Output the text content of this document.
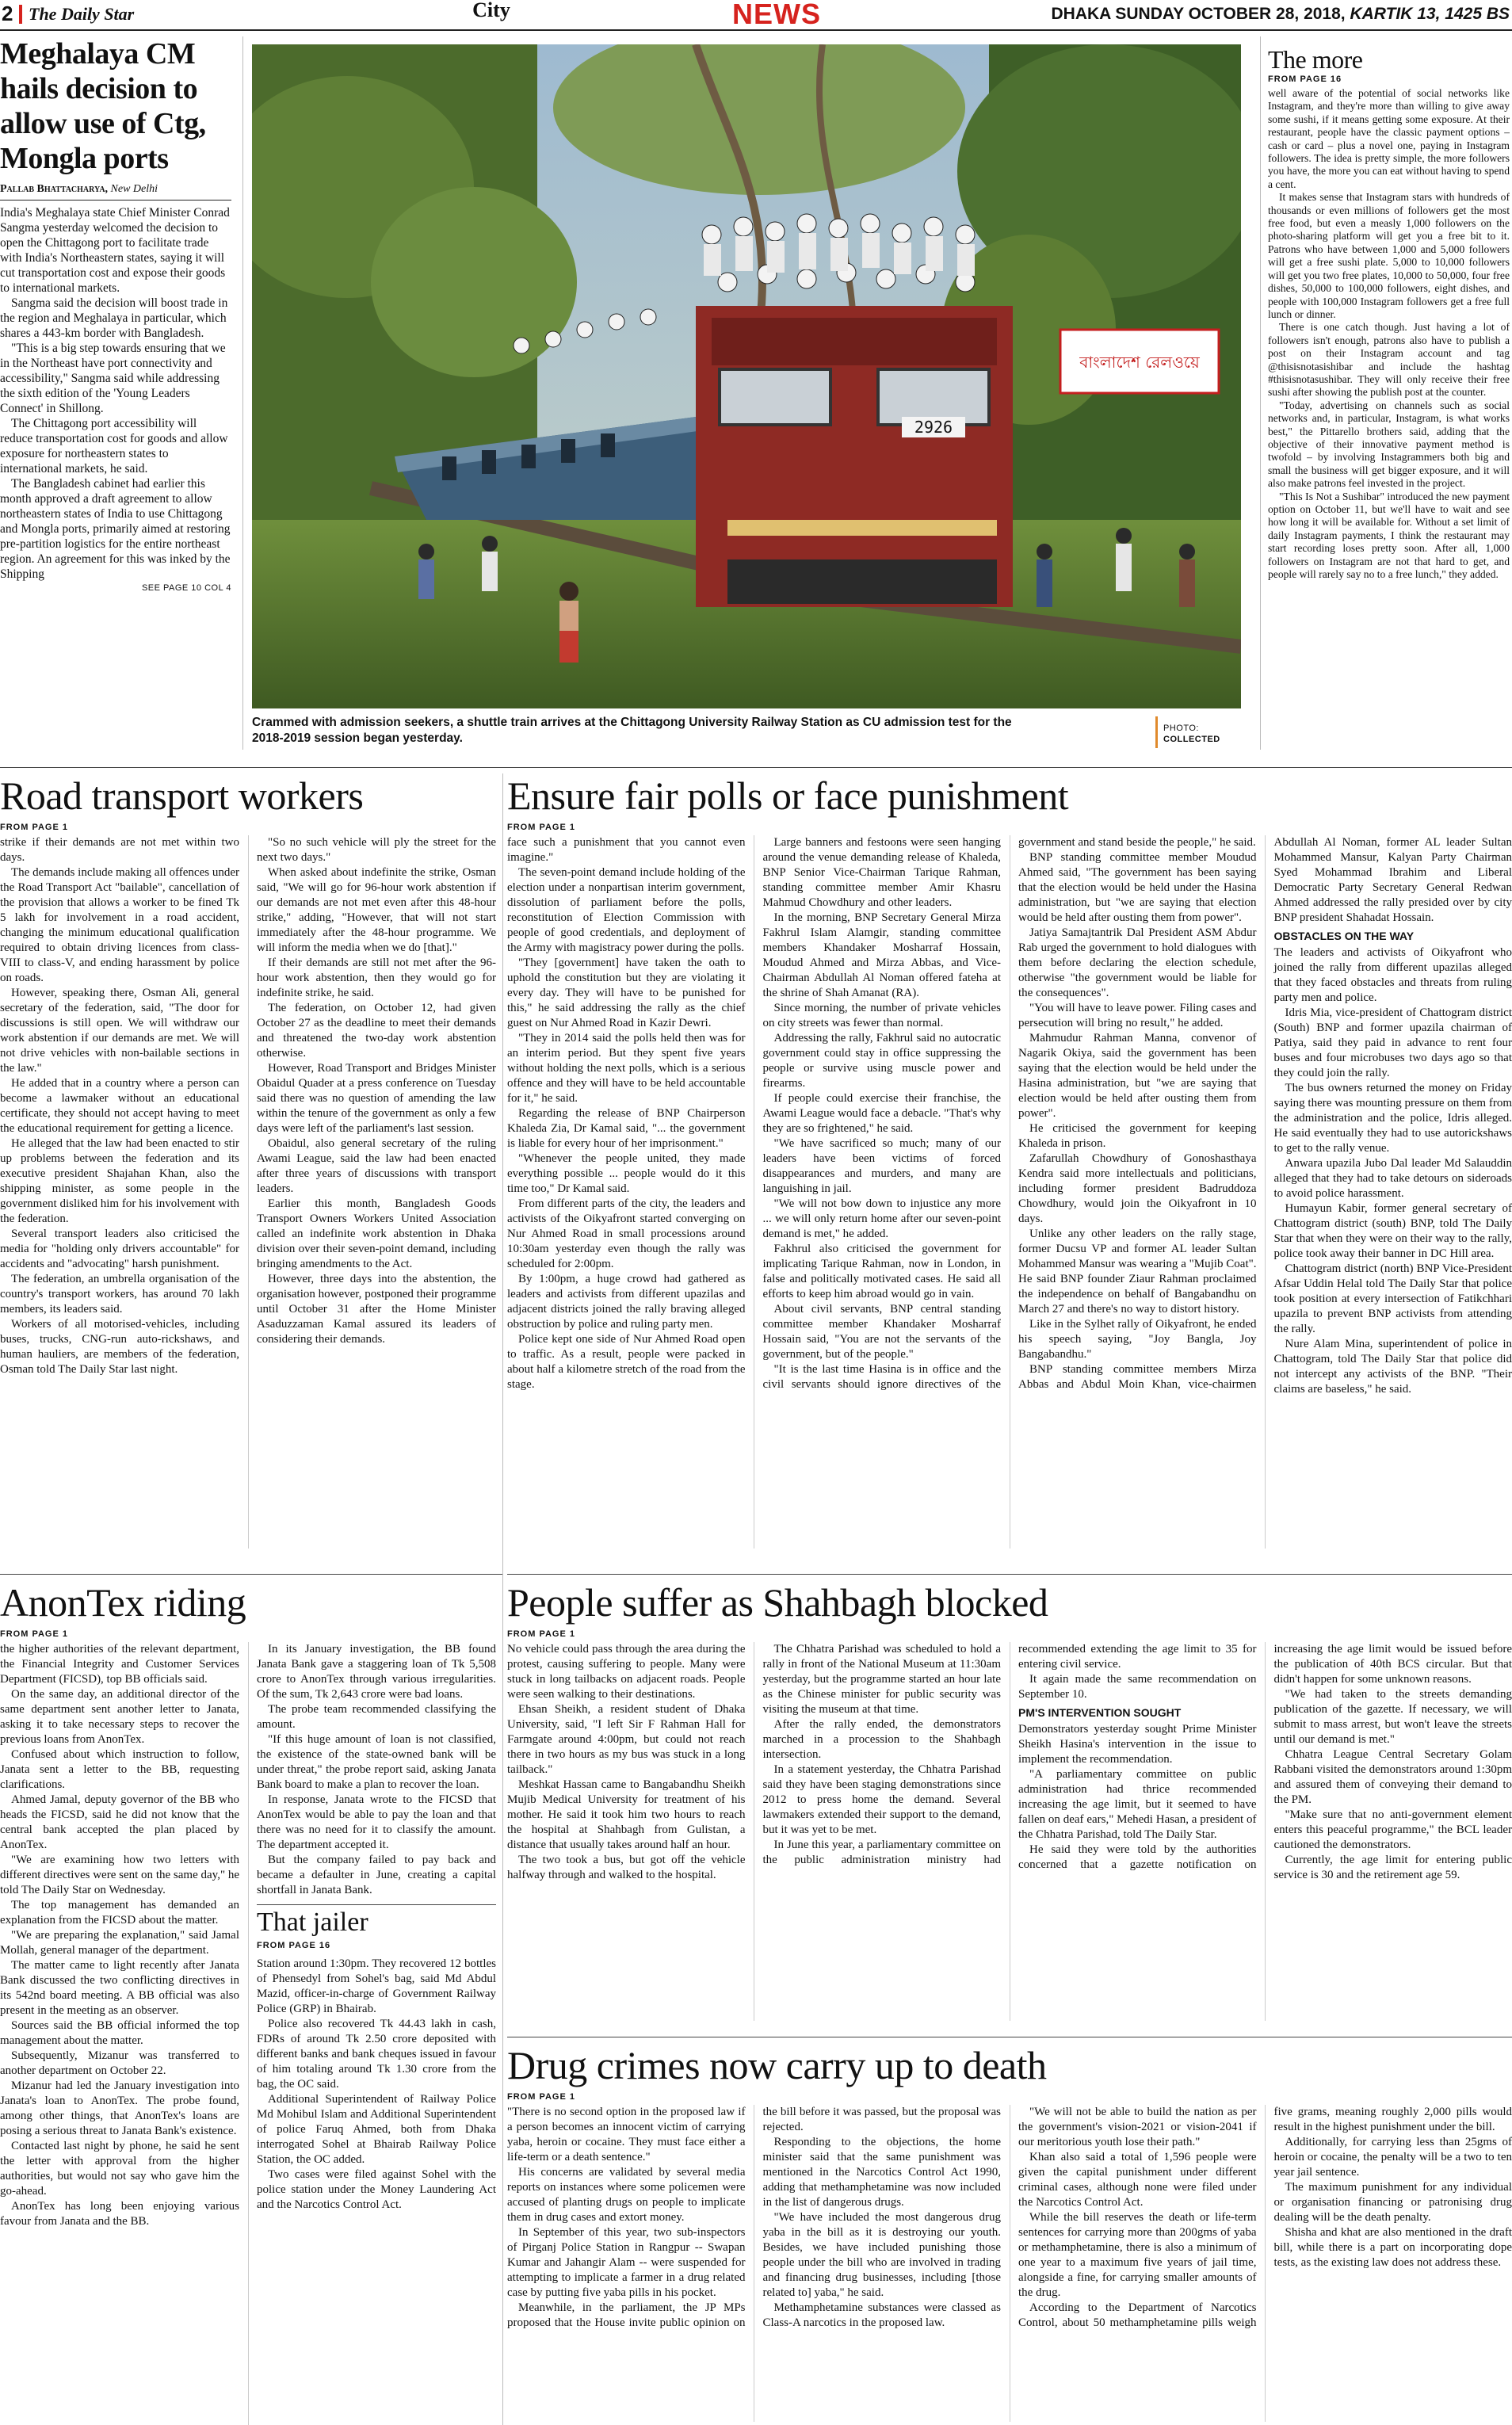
2 The Daily Star	City	NEWS	DHAKA SUNDAY OCTOBER 28, 2018, KARTIK 13, 1425 BS
Meghalaya CM hails decision to allow use of Ctg, Mongla ports
Pallab Bhattacharya, New Delhi

India's Meghalaya state Chief Minister Conrad Sangma yesterday welcomed the decision to open the Chittagong port to facilitate trade with India's Northeastern states, saying it will cut transportation cost and expose their goods to international markets.

Sangma said the decision will boost trade in the region and Meghalaya in particular, which shares a 443-km border with Bangladesh.

"This is a big step towards ensuring that we in the Northeast have port connectivity and accessibility," Sangma said while addressing the sixth edition of the 'Young Leaders Connect' in Shillong.

The Chittagong port accessibility will reduce transportation cost for goods and allow exposure for northeastern states to international markets, he said.

The Bangladesh cabinet had earlier this month approved a draft agreement to allow northeastern states of India to use Chittagong and Mongla ports, primarily aimed at restoring pre-partition logistics for the entire northeast region. An agreement for this was inked by the Shipping

SEE PAGE 10 COL 4
2926
বাংলাদেশ রেলওয়ে
Crammed with admission seekers, a shuttle train arrives at the Chittagong University Railway Station as CU admission test for the 2018-2019 session began yesterday.
PHOTO:
COLLECTED
The more
FROM PAGE 16

well aware of the potential of social networks like Instagram, and they're more than willing to give away some sushi, if it means getting some exposure. At their restaurant, people have the classic payment options – cash or card – plus a novel one, paying in Instagram followers. The idea is pretty simple, the more followers you have, the more you can eat without having to spend a cent.

It makes sense that Instagram stars with hundreds of thousands or even millions of followers get the most free food, but even a measly 1,000 followers on the photo-sharing platform will get you a free bit to it. Patrons who have between 1,000 and 5,000 followers will get a free sushi plate. 5,000 to 10,000 followers will get you two free plates, 10,000 to 50,000, four free dishes, 50,000 to 100,000 followers, eight dishes, and people with 100,000 Instagram followers get a free full lunch or dinner.

There is one catch though. Just having a lot of followers isn't enough, patrons also have to publish a post on their Instagram account and tag @thisisnotasishibar and include the hashtag #thisisnotasushibar. They will only receive their free sushi after showing the publish post at the counter.

"Today, advertising on channels such as social networks and, in particular, Instagram, is what works best," the Pittarello brothers said, adding that the objective of their innovative payment method is twofold – by involving Instagrammers both big and small the business will get bigger exposure, and it will also make patrons feel invested in the project.

"This Is Not a Sushibar" introduced the new payment option on October 11, but we'll have to wait and see how long it will be available for. Without a set limit of daily Instagram payments, I think the restaurant may start recording loses pretty soon. After all, 1,000 followers on Instagram are not that hard to get, and people will rarely say no to a free lunch," they added.

Road transport workers
FROM PAGE 1

strike if their demands are not met within two days.

The demands include making all offences under the Road Transport Act "bailable", cancellation of the provision that allows a worker to be fined Tk 5 lakh for involvement in a road accident, changing the minimum educational qualification required to obtain driving licences from class-VIII to class-V, and ending harassment by police on roads.

However, speaking there, Osman Ali, general secretary of the federation, said, "The door for discussions is still open. We will withdraw our work abstention if our demands are met. We will not drive vehicles with non-bailable sections in the law."

He added that in a country where a person can become a lawmaker without an educational certificate, they should not accept having to meet the educational requirement for getting a licence.

He alleged that the law had been enacted to stir up problems between the federation and its executive president Shajahan Khan, also the shipping minister, as some people in the government disliked him for his involvement with the federation.

Several transport leaders also criticised the media for "holding only drivers accountable" for accidents and "advocating" harsh punishment.

The federation, an umbrella organisation of the country's transport workers, has around 70 lakh members, its leaders said.

Workers of all motorised-vehicles, including buses, trucks, CNG-run auto-rickshaws, and human hauliers, are members of the federation, Osman told The Daily Star last night.

"So no such vehicle will ply the street for the next two days."

When asked about indefinite the strike, Osman said, "We will go for 96-hour work abstention if our demands are not met even after this 48-hour strike," adding, "However, that will not start immediately after the 48-hour programme. We will inform the media when we do [that]."

If their demands are still not met after the 96-hour work abstention, then they would go for indefinite strike, he said.

The federation, on October 12, had given October 27 as the deadline to meet their demands and threatened the two-day work abstention otherwise.

However, Road Transport and Bridges Minister Obaidul Quader at a press conference on Tuesday said there was no question of amending the law within the tenure of the government as only a few days were left of the parliament's last session.

Obaidul, also general secretary of the ruling Awami League, said the law had been enacted after three years of discussions with transport leaders.

Earlier this month, Bangladesh Goods Transport Owners Workers United Association called an indefinite work abstention in Dhaka division over their seven-point demand, including bringing amendments to the Act.

However, three days into the abstention, the organisation however, postponed their programme until October 31 after the Home Minister Asaduzzaman Kamal assured its leaders of considering their demands.

Ensure fair polls or face punishment
FROM PAGE 1

face such a punishment that you cannot even imagine."

The seven-point demand include holding of the election under a nonpartisan interim government, dissolution of parliament before the polls, reconstitution of Election Commission with people of good credentials, and deployment of the Army with magistracy power during the polls.

"They [government] have taken the oath to uphold the constitution but they are violating it every day. They will have to be punished for this," he said addressing the rally as the chief guest on Nur Ahmed Road in Kazir Dewri.

"They in 2014 said the polls held then was for an interim period. But they spent five years without holding the next polls, which is a serious offence and they will have to be held accountable for it," he said.

Regarding the release of BNP Chairperson Khaleda Zia, Dr Kamal said, "... the government is liable for every hour of her imprisonment."

"Whenever the people united, they made everything possible ... people would do it this time too," Dr Kamal said.

From different parts of the city, the leaders and activists of the Oikyafront started converging on Nur Ahmed Road in small processions around 10:30am yesterday even though the rally was scheduled for 2:00pm.

By 1:00pm, a huge crowd had gathered as leaders and activists from different upazilas and adjacent districts joined the rally braving alleged obstruction by police and ruling party men.

Police kept one side of Nur Ahmed Road open to traffic. As a result, people were packed in about half a kilometre stretch of the road from the stage.

Large banners and festoons were seen hanging around the venue demanding release of Khaleda, BNP Senior Vice-Chairman Tarique Rahman, standing committee member Amir Khasru Mahmud Chowdhury and other leaders.

In the morning, BNP Secretary General Mirza Fakhrul Islam Alamgir, standing committee members Khandaker Mosharraf Hossain, Moudud Ahmed and Mirza Abbas, and Vice-Chairman Abdullah Al Noman offered fateha at the shrine of Shah Amanat (RA).

Since morning, the number of private vehicles on city streets was fewer than normal.

Addressing the rally, Fakhrul said no autocratic government could stay in office suppressing the people or survive using muscle power and firearms.

If people could exercise their franchise, the Awami League would face a debacle. "That's why they are so frightened," he said.

"We have sacrificed so much; many of our leaders have been victims of forced disappearances and murders, and many are languishing in jail.

"We will not bow down to injustice any more ... we will only return home after our seven-point demand is met," he added.

Fakhrul also criticised the government for implicating Tarique Rahman, now in London, in false and politically motivated cases. He said all efforts to keep him abroad would go in vain.

About civil servants, BNP central standing committee member Khandaker Mosharraf Hossain said, "You are not the servants of the government, but of the people."

"It is the last time Hasina is in office and the civil servants should ignore directives of the government and stand beside the people," he said.

BNP standing committee member Moudud Ahmed said, "The government has been saying that the election would be held under the Hasina administration, but "we are saying that election would be held after ousting them from power".

Jatiya Samajtantrik Dal President ASM Abdur Rab urged the government to hold dialogues with them before declaring the election schedule, otherwise "the government would be liable for the consequences".

"You will have to leave power. Filing cases and persecution will bring no result," he added.

Mahmudur Rahman Manna, convenor of Nagarik Okiya, said the government has been saying that the election would be held under the Hasina administration, but "we are saying that election would be held after ousting them from power".

He criticised the government for keeping Khaleda in prison.

Zafarullah Chowdhury of Gonoshasthaya Kendra said more intellectuals and politicians, including former president Badruddoza Chowdhury, would join the Oikyafront in 10 days.

Unlike any other leaders on the rally stage, former Ducsu VP and former AL leader Sultan Mohammed Mansur was wearing a "Mujib Coat". He said BNP founder Ziaur Rahman proclaimed the independence on behalf of Bangabandhu on March 27 and there's no way to distort history.

Like in the Sylhet rally of Oikyafront, he ended his speech saying, "Joy Bangla, Joy Bangabandhu."

BNP standing committee members Mirza Abbas and Abdul Moin Khan, vice-chairmen Abdullah Al Noman, former AL leader Sultan Mohammed Mansur, Kalyan Party Chairman Syed Mohammad Ibrahim and Liberal Democratic Party Secretary General Redwan Ahmed addressed the rally presided over by city BNP president Shahadat Hossain.

OBSTACLES ON THE WAY

The leaders and activists of Oikyafront who joined the rally from different upazilas alleged that they faced obstacles and threats from ruling party men and police.

Idris Mia, vice-president of Chattogram district (South) BNP and former upazila chairman of Patiya, said they paid in advance to rent four buses and four microbuses two days ago so that they could join the rally.

The bus owners returned the money on Friday saying there was mounting pressure on them from the administration and the police, Idris alleged. He said eventually they had to use autorickshaws to get to the rally venue.

Anwara upazila Jubo Dal leader Md Salauddin alleged that they had to take detours on sideroads to avoid police harassment.

Humayun Kabir, former general secretary of Chattogram district (south) BNP, told The Daily Star that when they were on their way to the rally, police took away their banner in DC Hill area.

Chattogram district (north) BNP Vice-President Afsar Uddin Helal told The Daily Star that police took position at every intersection of Fatikchhari upazila to prevent BNP activists from attending the rally.

Nure Alam Mina, superintendent of police in Chattogram, told The Daily Star that police did not intercept any activists of the BNP. "Their claims are baseless," he said.

AnonTex riding
FROM PAGE 1

the higher authorities of the relevant department, the Financial Integrity and Customer Services Department (FICSD), top BB officials said.

On the same day, an additional director of the same department sent another letter to Janata, asking it to take necessary steps to recover the previous loans from AnonTex.

Confused about which instruction to follow, Janata sent a letter to the BB, requesting clarifications.

Ahmed Jamal, deputy governor of the BB who heads the FICSD, said he did not know that the central bank accepted the plan placed by AnonTex.

"We are examining how two letters with different directives were sent on the same day," he told The Daily Star on Wednesday.

The top management has demanded an explanation from the FICSD about the matter.

"We are preparing the explanation," said Jamal Mollah, general manager of the department.

The matter came to light recently after Janata Bank discussed the two conflicting directives in its 542nd board meeting. A BB official was also present in the meeting as an observer.

Sources said the BB official informed the top management about the matter.

Subsequently, Mizanur was transferred to another department on October 22.

Mizanur had led the January investigation into Janata's loan to AnonTex. The probe found, among other things, that AnonTex's loans are posing a serious threat to Janata Bank's existence.

Contacted last night by phone, he said he sent the letter with approval from the higher authorities, but would not say who gave him the go-ahead.

AnonTex has long been enjoying various favour from Janata and the BB.

In its January investigation, the BB found Janata Bank gave a staggering loan of Tk 5,508 crore to AnonTex through various irregularities. Of the sum, Tk 2,643 crore were bad loans.

The probe team recommended classifying the amount.

"If this huge amount of loan is not classified, the existence of the state-owned bank will be under threat," the probe report said, asking Janata Bank board to make a plan to recover the loan.

In response, Janata wrote to the FICSD that AnonTex would be able to pay the loan and that there was no need for it to classify the amount. The department accepted it.

But the company failed to pay back and became a defaulter in June, creating a capital shortfall in Janata Bank.

That jailer
FROM PAGE 16

Station around 1:30pm. They recovered 12 bottles of Phensedyl from Sohel's bag, said Md Abdul Mazid, officer-in-charge of Government Railway Police (GRP) in Bhairab.

Police also recovered Tk 44.43 lakh in cash, FDRs of around Tk 2.50 crore deposited with different banks and bank cheques issued in favour of him totaling around Tk 1.30 crore from the bag, the OC said.

Additional Superintendent of Railway Police Md Mohibul Islam and Additional Superintendent of police Faruq Ahmed, both from Dhaka interrogated Sohel at Bhairab Railway Police Station, the OC added.

Two cases were filed against Sohel with the police station under the Money Laundering Act and the Narcotics Control Act.

People suffer as Shahbagh blocked
FROM PAGE 1

No vehicle could pass through the area during the protest, causing suffering to people. Many were stuck in long tailbacks on adjacent roads. People were seen walking to their destinations.

Ehsan Sheikh, a resident student of Dhaka University, said, "I left Sir F Rahman Hall for Farmgate around 4:00pm, but could not reach there in two hours as my bus was stuck in a long tailback."

Meshkat Hassan came to Bangabandhu Sheikh Mujib Medical University for treatment of his mother. He said it took him two hours to reach the hospital at Shahbagh from Gulistan, a distance that usually takes around half an hour.

The two took a bus, but got off the vehicle halfway through and walked to the hospital.

The Chhatra Parishad was scheduled to hold a rally in front of the National Museum at 11:30am yesterday, but the programme started an hour late as the Chinese minister for public security was visiting the museum at that time.

After the rally ended, the demonstrators marched in a procession to the Shahbagh intersection.

In a statement yesterday, the Chhatra Parishad said they have been staging demonstrations since 2012 to press home the demand. Several lawmakers extended their support to the demand, but it was yet to be met.

In June this year, a parliamentary committee on the public administration ministry had recommended extending the age limit to 35 for entering civil service.

It again made the same recommendation on September 10.

PM'S INTERVENTION SOUGHT

Demonstrators yesterday sought Prime Minister Sheikh Hasina's intervention in the issue to implement the recommendation.

"A parliamentary committee on public administration had thrice recommended increasing the age limit, but it seemed to have fallen on deaf ears," Mehedi Hasan, a president of the Chhatra Parishad, told The Daily Star.

He said they were told by the authorities concerned that a gazette notification on increasing the age limit would be issued before the publication of 40th BCS circular. But that didn't happen for some unknown reasons.

"We had taken to the streets demanding publication of the gazette. If necessary, we will submit to mass arrest, but won't leave the streets until our demand is met."

Chhatra League Central Secretary Golam Rabbani visited the demonstrators around 1:30pm and assured them of conveying their demand to the PM.

"Make sure that no anti-government element enters this peaceful programme," the BCL leader cautioned the demonstrators.

Currently, the age limit for entering public service is 30 and the retirement age 59.

Drug crimes now carry up to death
FROM PAGE 1

"There is no second option in the proposed law if a person becomes an innocent victim of carrying yaba, heroin or cocaine. They must face either a life-term or a death sentence."

His concerns are validated by several media reports on instances where some policemen were accused of planting drugs on people to implicate them in drug cases and extort money.

In September of this year, two sub-inspectors of Pirganj Police Station in Rangpur -- Swapan Kumar and Jahangir Alam -- were suspended for attempting to implicate a farmer in a drug related case by putting five yaba pills in his pocket.

Meanwhile, in the parliament, the JP MPs proposed that the House invite public opinion on the bill before it was passed, but the proposal was rejected.

Responding to the objections, the home minister said that the same punishment was mentioned in the Narcotics Control Act 1990, adding that methamphetamine was now included in the list of dangerous drugs.

"We have included the most dangerous drug yaba in the bill as it is destroying our youth. Besides, we have included punishing those people under the bill who are involved in trading and financing drug businesses, including [those related to] yaba," he said.

Methamphetamine substances were classed as Class-A narcotics in the proposed law.

"We will not be able to build the nation as per the government's vision-2021 or vision-2041 if our meritorious youth lose their path."

Khan also said a total of 1,596 people were given the capital punishment under different criminal cases, although none were filed under the Narcotics Control Act.

While the bill reserves the death or life-term sentences for carrying more than 200gms of yaba or methamphetamine, there is also a minimum of one year to a maximum five years of jail time, alongside a fine, for carrying smaller amounts of the drug.

According to the Department of Narcotics Control, about 50 methamphetamine pills weigh five grams, meaning roughly 2,000 pills would result in the highest punishment under the bill.

Additionally, for carrying less than 25gms of heroin or cocaine, the penalty will be a two to ten year jail sentence.

The maximum punishment for any individual or organisation financing or patronising drug dealing will be the death penalty.

Shisha and khat are also mentioned in the draft bill, while there is a part on incorporating dope tests, as the existing law does not address these.
